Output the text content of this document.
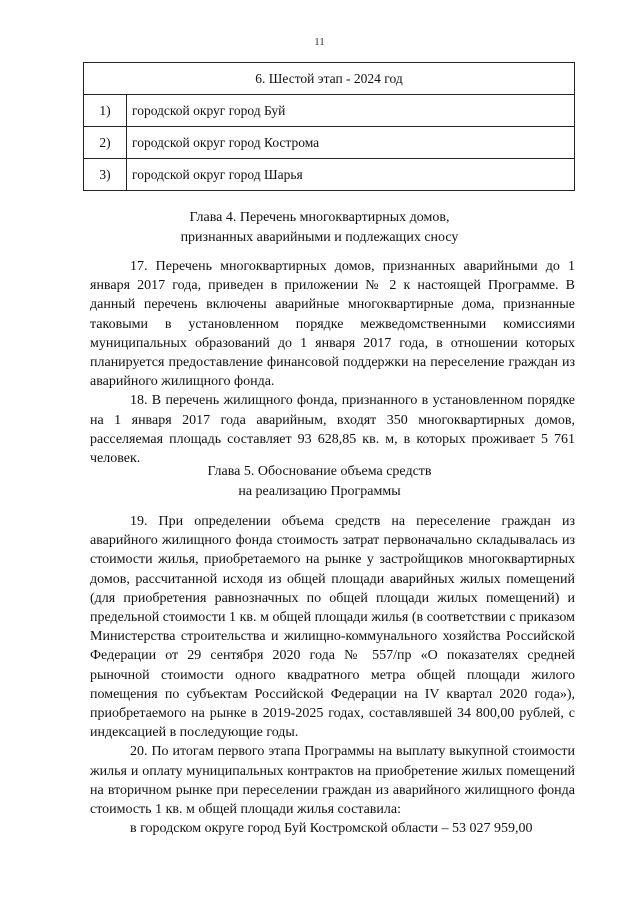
11
6. Шестой этап - 2024 год	
1)	городской округ город Буй
2)	городской округ город Кострома
3)	городской округ город Шарья
Глава 4. Перечень многоквартирных домов,
признанных аварийными и подлежащих сносу

17. Перечень многоквартирных домов, признанных аварийными до 1 января 2017 года, приведен в приложении № 2 к настоящей Программе. В данный перечень включены аварийные многоквартирные дома, признанные таковыми в установленном порядке межведомственными комиссиями муниципальных образований до 1 января 2017 года, в отношении которых планируется предоставление финансовой поддержки на переселение граждан из аварийного жилищного фонда.

18. В перечень жилищного фонда, признанного в установленном порядке на 1 января 2017 года аварийным, входят 350 многоквартирных домов, расселяемая площадь составляет 93 628,85 кв. м, в которых проживает 5 761 человек.

Глава 5. Обоснование объема средств
на реализацию Программы

19. При определении объема средств на переселение граждан из аварийного жилищного фонда стоимость затрат первоначально складывалась из стоимости жилья, приобретаемого на рынке у застройщиков многоквартирных домов, рассчитанной исходя из общей площади аварийных жилых помещений (для приобретения равнозначных по общей площади жилых помещений) и предельной стоимости 1 кв. м общей площади жилья (в соответствии с приказом Министерства строительства и жилищно-коммунального хозяйства Российской Федерации от 29 сентября 2020 года № 557/пр «О показателях средней рыночной стоимости одного квадратного метра общей площади жилого помещения по субъектам Российской Федерации на IV квартал 2020 года»), приобретаемого на рынке в 2019-2025 годах, составлявшей 34 800,00 рублей, с индексацией в последующие годы.

20. По итогам первого этапа Программы на выплату выкупной стоимости жилья и оплату муниципальных контрактов на приобретение жилых помещений на вторичном рынке при переселении граждан из аварийного жилищного фонда стоимость 1 кв. м общей площади жилья составила:

в городском округе город Буй Костромской области – 53 027 959,00
